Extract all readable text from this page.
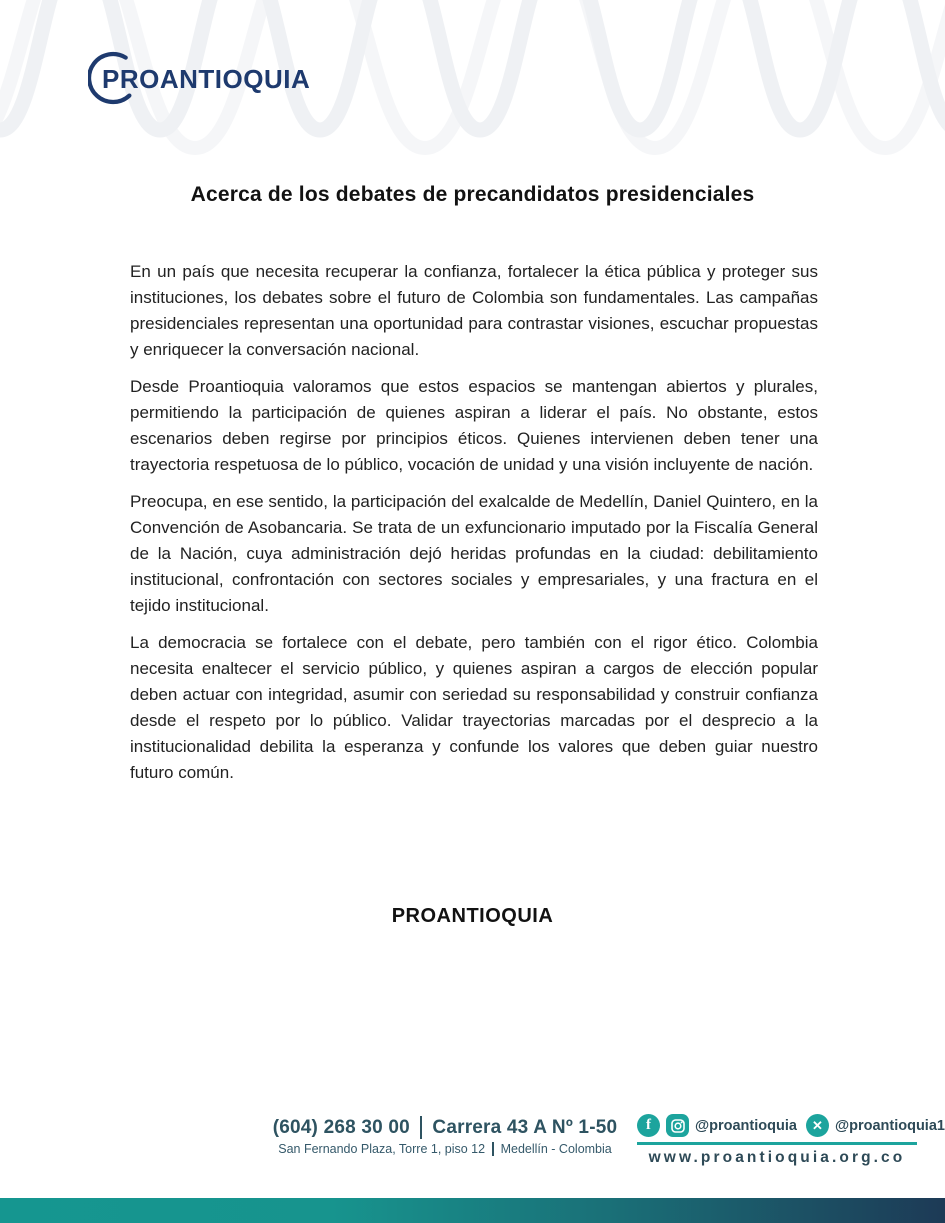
PROANTIOQUIA
Acerca de los debates de precandidatos presidenciales

En un país que necesita recuperar la confianza, fortalecer la ética pública y proteger sus instituciones, los debates sobre el futuro de Colombia son fundamentales. Las campañas presidenciales representan una oportunidad para contrastar visiones, escuchar propuestas y enriquecer la conversación nacional.

Desde Proantioquia valoramos que estos espacios se mantengan abiertos y plurales, permitiendo la participación de quienes aspiran a liderar el país. No obstante, estos escenarios deben regirse por principios éticos. Quienes intervienen deben tener una trayectoria respetuosa de lo público, vocación de unidad y una visión incluyente de nación.

Preocupa, en ese sentido, la participación del exalcalde de Medellín, Daniel Quintero, en la Convención de Asobancaria. Se trata de un exfuncionario imputado por la Fiscalía General de la Nación, cuya administración dejó heridas profundas en la ciudad: debilitamiento institucional, confrontación con sectores sociales y empresariales, y una fractura en el tejido institucional.

La democracia se fortalece con el debate, pero también con el rigor ético. Colombia necesita enaltecer el servicio público, y quienes aspiran a cargos de elección popular deben actuar con integridad, asumir con seriedad su responsabilidad y construir confianza desde el respeto por lo público. Validar trayectorias marcadas por el desprecio a la institucionalidad debilita la esperanza y confunde los valores que deben guiar nuestro futuro común.

PROANTIOQUIA
(604) 268 30 00 Carrera 43 A Nº 1-50
San Fernando Plaza, Torre 1, piso 12 Medellín - Colombia
f	@proantioquia	✕ @proantioquia1
www.proantioquia.org.co
